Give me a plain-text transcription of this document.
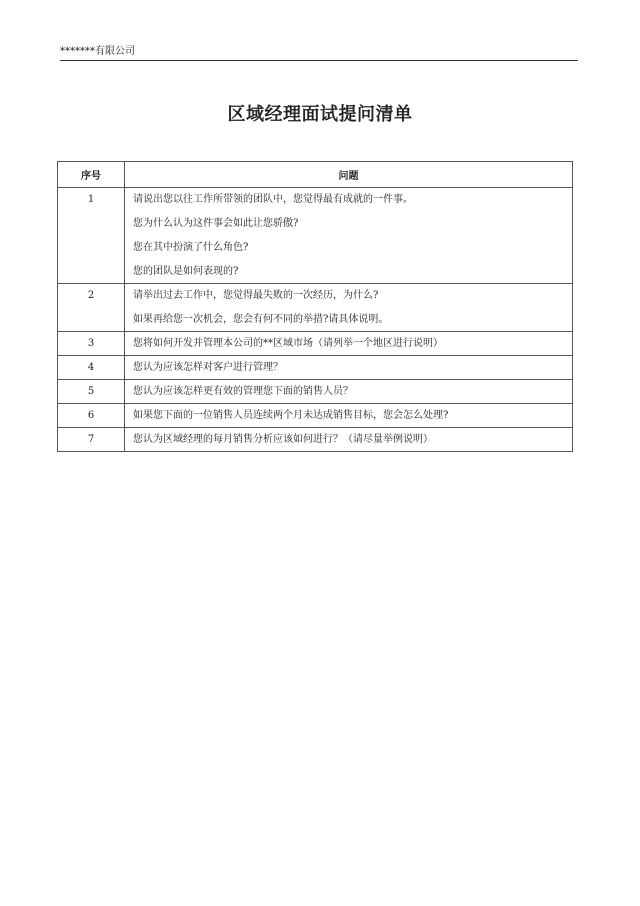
*******有限公司
区域经理面试提问清单
序号	问题
1	请说出您以往工作所带领的团队中，您觉得最有成就的一件事。
您为什么认为这件事会如此让您骄傲?
您在其中扮演了什么角色?
您的团队是如何表现的?

2	请举出过去工作中，您觉得最失败的一次经历，为什么?
如果再给您一次机会，您会有何不同的举措?请具体说明。

3	您将如何开发并管理本公司的**区域市场（请列举一个地区进行说明）

4	您认为应该怎样对客户进行管理？

5	您认为应该怎样更有效的管理您下面的销售人员？

6	如果您下面的一位销售人员连续两个月未达成销售目标，您会怎么处理?

7	您认为区域经理的每月销售分析应该如何进行？（请尽量举例说明）
